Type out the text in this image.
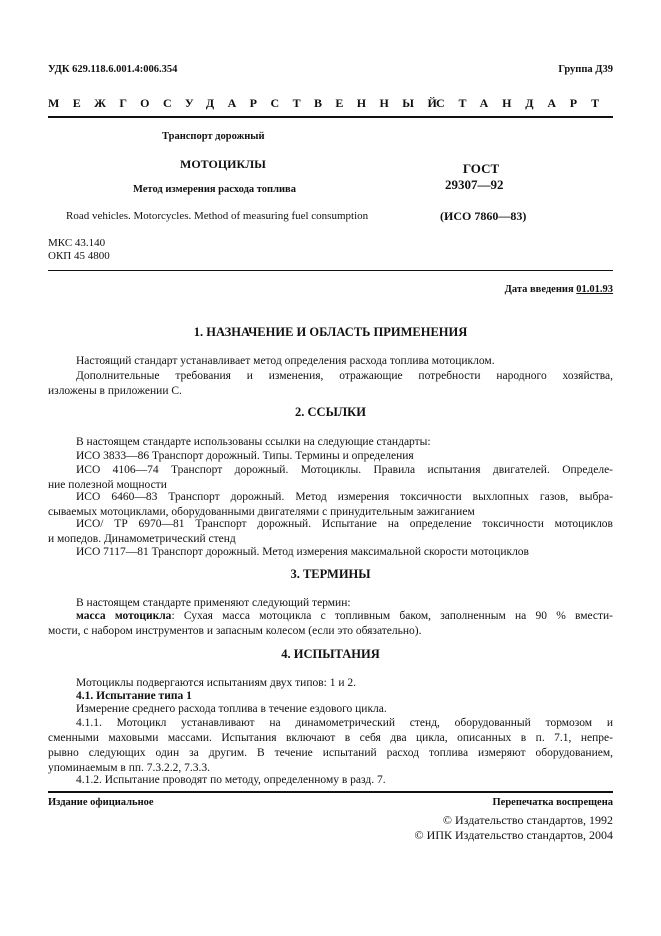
УДК 629.118.6.001.4:006.354	Группа Д39
МЕЖГОСУДАРСТВЕННЫЙ
СТАНДАРТ
Транспорт дорожный
МОТОЦИКЛЫ
Метод измерения расхода топлива
Road vehicles. Motorcycles. Method of measuring fuel consumption
ГОСТ
29307—92
(ИСО 7860—83)
МКС 43.140
ОКП 45 4800
Дата введения 01.01.93
1. НАЗНАЧЕНИЕ И ОБЛАСТЬ ПРИМЕНЕНИЯ
Настоящий стандарт устанавливает метод определения расхода топлива мотоциклом.
Дополнительные требования и изменения, отражающие потребности народного хозяйства,
изложены в приложении С.
2. ССЫЛКИ
В настоящем стандарте использованы ссылки на следующие стандарты:
ИСО 3833—86 Транспорт дорожный. Типы. Термины и определения
ИСО 4106—74 Транспорт дорожный. Мотоциклы. Правила испытания двигателей. Определе-
ние полезной мощности
ИСО 6460—83 Транспорт дорожный. Метод измерения токсичности выхлопных газов, выбра-
сываемых мотоциклами, оборудованными двигателями с принудительным зажиганием
ИСО/ ТР 6970—81 Транспорт дорожный. Испытание на определение токсичности мотоциклов
и мопедов. Динамометрический стенд
ИСО 7117—81 Транспорт дорожный. Метод измерения максимальной скорости мотоциклов
3. ТЕРМИНЫ
В настоящем стандарте применяют следующий термин:
масса мотоцикла: Сухая масса мотоцикла с топливным баком, заполненным на 90 % вмести-
мости, с набором инструментов и запасным колесом (если это обязательно).
4. ИСПЫТАНИЯ
Мотоциклы подвергаются испытаниям двух типов: 1 и 2.
4.1. Испытание типа 1
Измерение среднего расхода топлива в течение ездового цикла.
4.1.1. Мотоцикл устанавливают на динамометрический стенд, оборудованный тормозом и
сменными маховыми массами. Испытания включают в себя два цикла, описанных в п. 7.1, непре-
рывно следующих один за другим. В течение испытаний расход топлива измеряют оборудованием,
упоминаемым в пп. 7.3.2.2, 7.3.3.
4.1.2. Испытание проводят по методу, определенному в разд. 7.
Издание официальное	Перепечатка воспрещена
© Издательство стандартов, 1992
© ИПК Издательство стандартов, 2004
